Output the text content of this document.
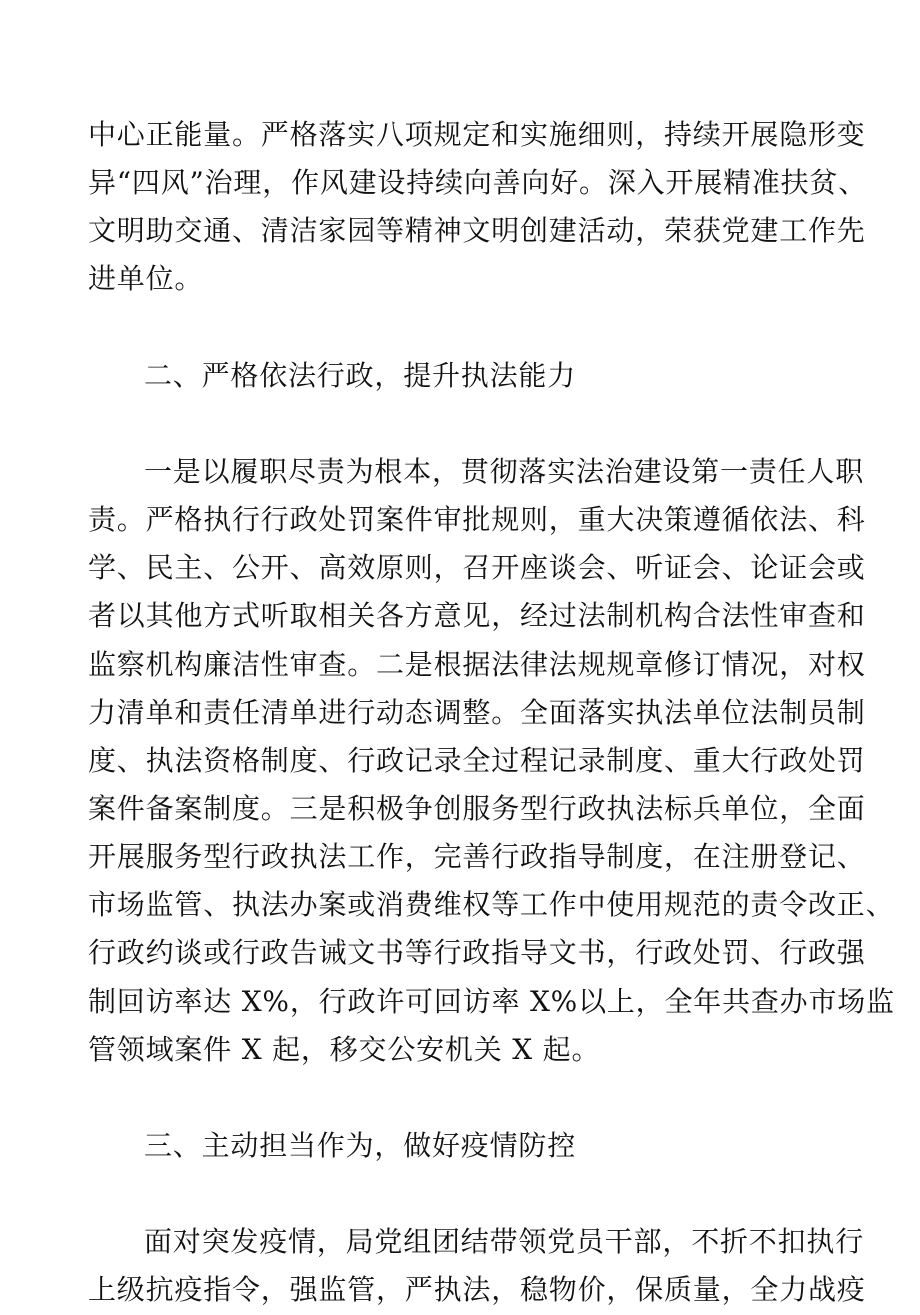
中心正能量。严格落实八项规定和实施细则，持续开展隐形变
异“四风”治理，作风建设持续向善向好。深入开展精准扶贫、
文明助交通、清洁家园等精神文明创建活动，荣获党建工作先
进单位。
二、严格依法行政，提升执法能力
一是以履职尽责为根本，贯彻落实法治建设第一责任人职
责。严格执行行政处罚案件审批规则，重大决策遵循依法、科
学、民主、公开、高效原则，召开座谈会、听证会、论证会或
者以其他方式听取相关各方意见，经过法制机构合法性审查和
监察机构廉洁性审查。二是根据法律法规规章修订情况，对权
力清单和责任清单进行动态调整。全面落实执法单位法制员制
度、执法资格制度、行政记录全过程记录制度、重大行政处罚
案件备案制度。三是积极争创服务型行政执法标兵单位，全面
开展服务型行政执法工作，完善行政指导制度，在注册登记、
市场监管、执法办案或消费维权等工作中使用规范的责令改正、
行政约谈或行政告诫文书等行政指导文书，行政处罚、行政强
制回访率达 X%，行政许可回访率 X%以上，全年共查办市场监
管领域案件 X 起，移交公安机关 X 起。
三、主动担当作为，做好疫情防控
面对突发疫情，局党组团结带领党员干部，不折不扣执行
上级抗疫指令，强监管，严执法，稳物价，保质量，全力战疫
